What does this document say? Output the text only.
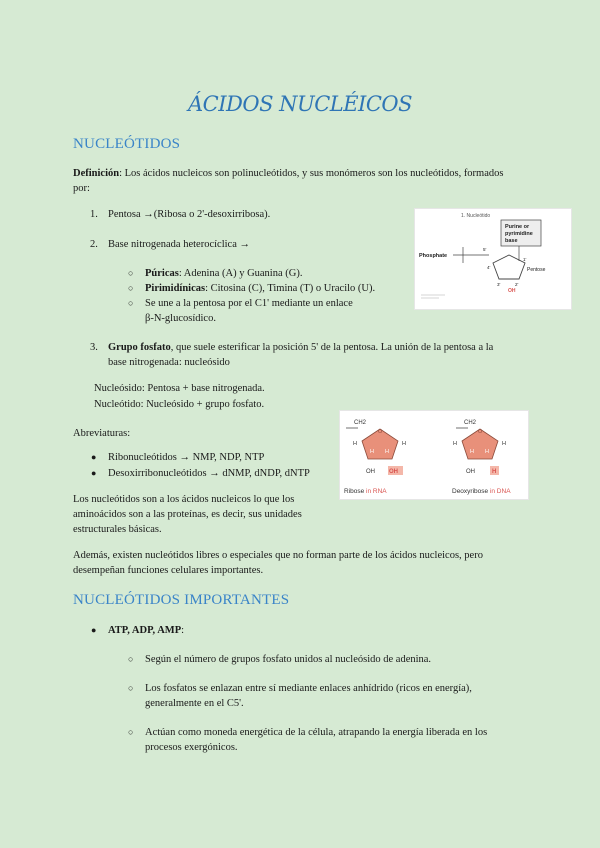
ÁCIDOS NUCLÉICOS
NUCLEÓTIDOS
Definición: Los ácidos nucleicos son polinucleótidos, y sus monómeros son los nucleótidos, formados
por:
1. Pentosa →(Ribosa o 2'-desoxirribosa).
2. Base nitrogenada heterocíclica →
○ Púricas: Adenina (A) y Guanina (G).
○ Pirimidínicas: Citosina (C), Timina (T) o Uracilo (U).
○ Se une a la pentosa por el C1' mediante un enlace
β-N-glucosídico.
3. Grupo fosfato, que suele esterificar la posición 5' de la pentosa. La unión de la pentosa a la
base nitrogenada: nucleósido
Nucleósido: Pentosa + base nitrogenada.
Nucleótido: Nucleósido + grupo fosfato.
Abreviaturas:
● Ribonucleótidos → NMP, NDP, NTP
● Desoxirribonucleótidos → dNMP, dNDP, dNTP
Los nucleótidos son a los ácidos nucleicos lo que los
aminoácidos son a las proteínas, es decir, sus unidades
estructurales básicas.
Además, existen nucleótidos libres o especiales que no forman parte de los ácidos nucleicos, pero
desempeñan funciones celulares importantes.
NUCLEÓTIDOS IMPORTANTES
● ATP, ADP, AMP:
○ Según el número de grupos fosfato unidos al nucleósido de adenina.
○ Los fosfatos se enlazan entre sí mediante enlaces anhídrido (ricos en energía),
generalmente en el C5'.
○ Actúan como moneda energética de la célula, atrapando la energía liberada en los
procesos exergónicos.
1. Nucleótido
Purine or
pyrimidine
base
Phosphate
Pentose
5'
4'
1'
3'	2'
OH
CH2
O
H	H
H H
OH OH
Ribose in RNA
CH2
O
H	H
H H
OH	H
Deoxyribose in DNA
